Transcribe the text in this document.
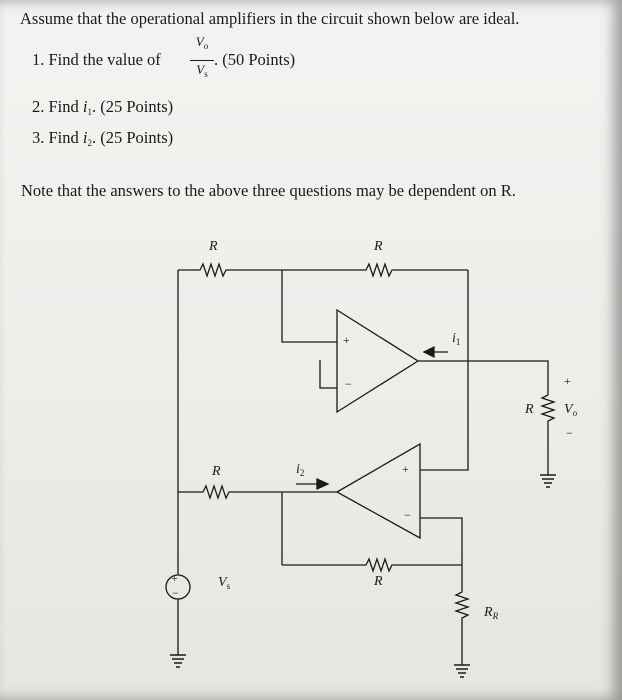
Assume that the operational amplifiers in the circuit shown below are ideal.
1. Find the value of
$V_o$
$V_s$
. (50 Points)
2. Find $i_1$. (25 Points)
3. Find $i_2$. (25 Points)
Note that the answers to the above three questions may be dependent on R.
R	R
R
R
R
$R_R$
$V_s$
$V_o$
$i_1$
$i_2$
+
−
+
−
+
−
+
−
